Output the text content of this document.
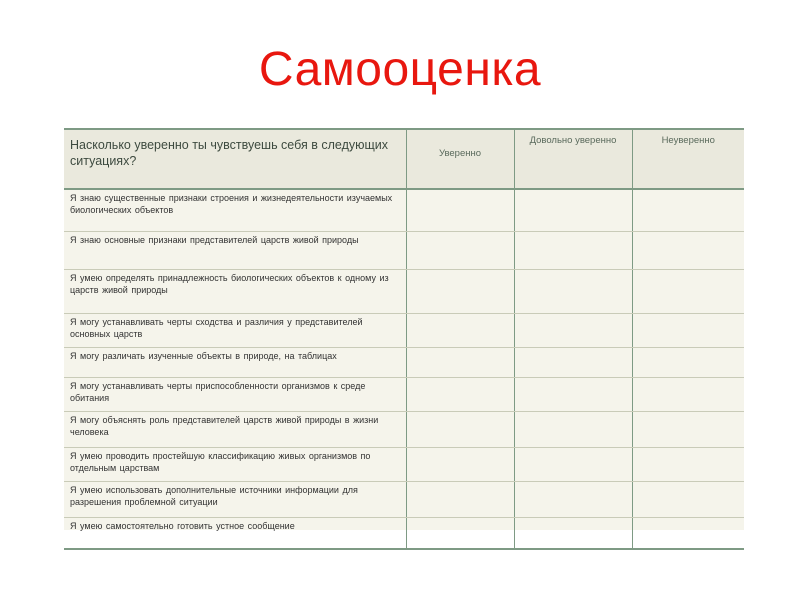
Самооценка
Насколько уверенно ты чувствуешь себя в следующих ситуациях?	Уверенно	Довольно уверенно	Неуверенно
Я знаю существенные признаки строения и жизнедеятельности изучаемых биологических объектов			
Я знаю основные признаки представителей царств живой природы			
Я умею определять принадлежность биологических объектов к одному из царств живой природы			
Я могу устанавливать черты сходства и различия у представителей основных царств			
Я могу различать изученные объекты в природе, на таблицах			
Я могу устанавливать черты приспособленности организмов к среде обитания			
Я могу объяснять роль представителей царств живой природы в жизни человека			
Я умею проводить простейшую классификацию живых организмов по отдельным царствам			
Я умею использовать дополнительные источники информации для разрешения проблемной ситуации			
Я умею самостоятельно готовить устное сообщение			
